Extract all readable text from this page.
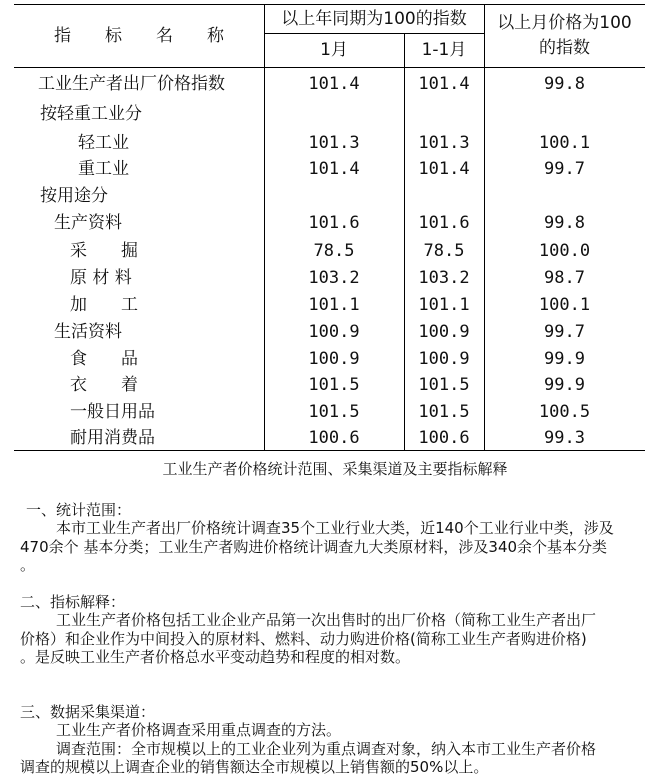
指　　标　　名　　称
以上年同期为100的指数
1月	1-1月
以上月价格为100
的指数
工业生产者出厂价格指数	101.4	101.4	99.8
按轻重工业分
轻工业	101.3	101.3	100.1
重工业	101.4	101.4	99.7
按用途分
生产资料	101.6	101.6	99.8
采　　掘	78.5	78.5	100.0
原 材 料	103.2	103.2	98.7
加　　工	101.1	101.1	100.1
生活资料	100.9	100.9	99.7
食　　品	100.9	100.9	99.9
衣　　着	101.5	101.5	99.9
一般日用品	101.5	101.5	100.5
耐用消费品	100.6	100.6	99.3

工业生产者价格统计范围、采集渠道及主要指标解释

一、统计范围：

本市工业生产者出厂价格统计调查35个工业行业大类，近140个工业行业中类，涉及

470余个 基本分类；工业生产者购进价格统计调查九大类原材料，涉及340余个基本分类

。

二、指标解释：

工业生产者价格包括工业企业产品第一次出售时的出厂价格（简称工业生产者出厂

价格）和企业作为中间投入的原材料、燃料、动力购进价格(简称工业生产者购进价格)

。是反映工业生产者价格总水平变动趋势和程度的相对数。

三、数据采集渠道：

工业生产者价格调查采用重点调查的方法。

调查范围：全市规模以上的工业企业列为重点调查对象，纳入本市工业生产者价格

调查的规模以上调查企业的销售额达全市规模以上销售额的50%以上。
